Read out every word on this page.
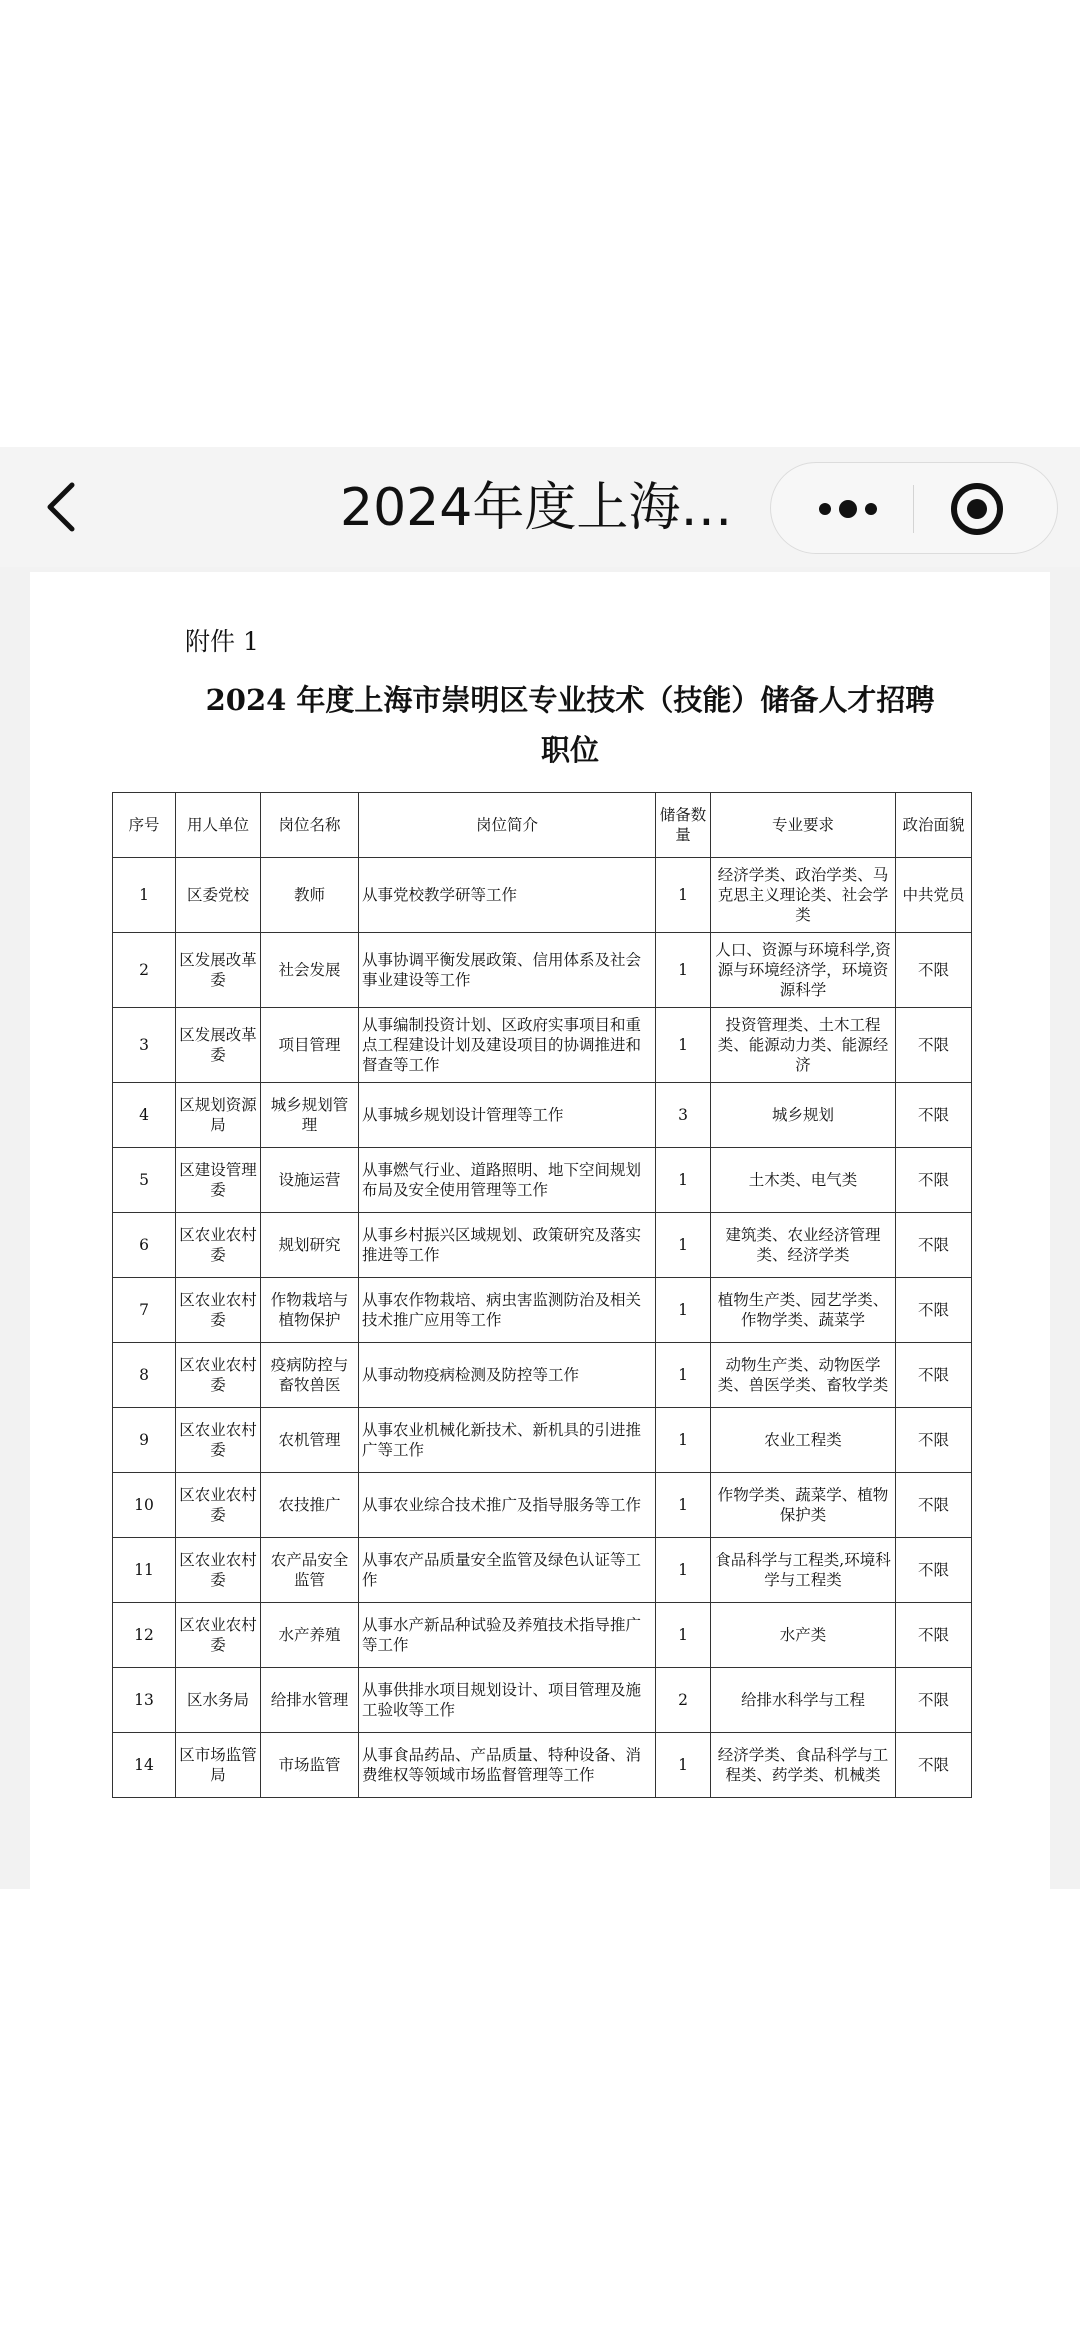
2024年度上海…
附件 1
2024 年度上海市崇明区专业技术（技能）储备人才招聘
职位
序号	用人单位	岗位名称	岗位简介	储备数量	专业要求	政治面貌
1	区委党校	教师	从事党校教学研等工作	1	经济学类、政治学类、马克思主义理论类、社会学类	中共党员
2	区发展改革委	社会发展	从事协调平衡发展政策、信用体系及社会事业建设等工作	1	人口、资源与环境科学,资源与环境经济学，环境资源科学	不限
3	区发展改革委	项目管理	从事编制投资计划、区政府实事项目和重点工程建设计划及建设项目的协调推进和督查等工作	1	投资管理类、土木工程类、能源动力类、能源经济	不限
4	区规划资源局	城乡规划管理	从事城乡规划设计管理等工作	3	城乡规划	不限
5	区建设管理委	设施运营	从事燃气行业、道路照明、地下空间规划布局及安全使用管理等工作	1	土木类、电气类	不限
6	区农业农村委	规划研究	从事乡村振兴区域规划、政策研究及落实推进等工作	1	建筑类、农业经济管理类、经济学类	不限
7	区农业农村委	作物栽培与植物保护	从事农作物栽培、病虫害监测防治及相关技术推广应用等工作	1	植物生产类、园艺学类、作物学类、蔬菜学	不限
8	区农业农村委	疫病防控与畜牧兽医	从事动物疫病检测及防控等工作	1	动物生产类、动物医学类、兽医学类、畜牧学类	不限
9	区农业农村委	农机管理	从事农业机械化新技术、新机具的引进推广等工作	1	农业工程类	不限
10	区农业农村委	农技推广	从事农业综合技术推广及指导服务等工作	1	作物学类、蔬菜学、植物保护类	不限
11	区农业农村委	农产品安全监管	从事农产品质量安全监管及绿色认证等工作	1	食品科学与工程类,环境科学与工程类	不限
12	区农业农村委	水产养殖	从事水产新品种试验及养殖技术指导推广等工作	1	水产类	不限
13	区水务局	给排水管理	从事供排水项目规划设计、项目管理及施工验收等工作	2	给排水科学与工程	不限
14	区市场监管局	市场监管	从事食品药品、产品质量、特种设备、消费维权等领域市场监督管理等工作	1	经济学类、食品科学与工程类、药学类、机械类	不限
